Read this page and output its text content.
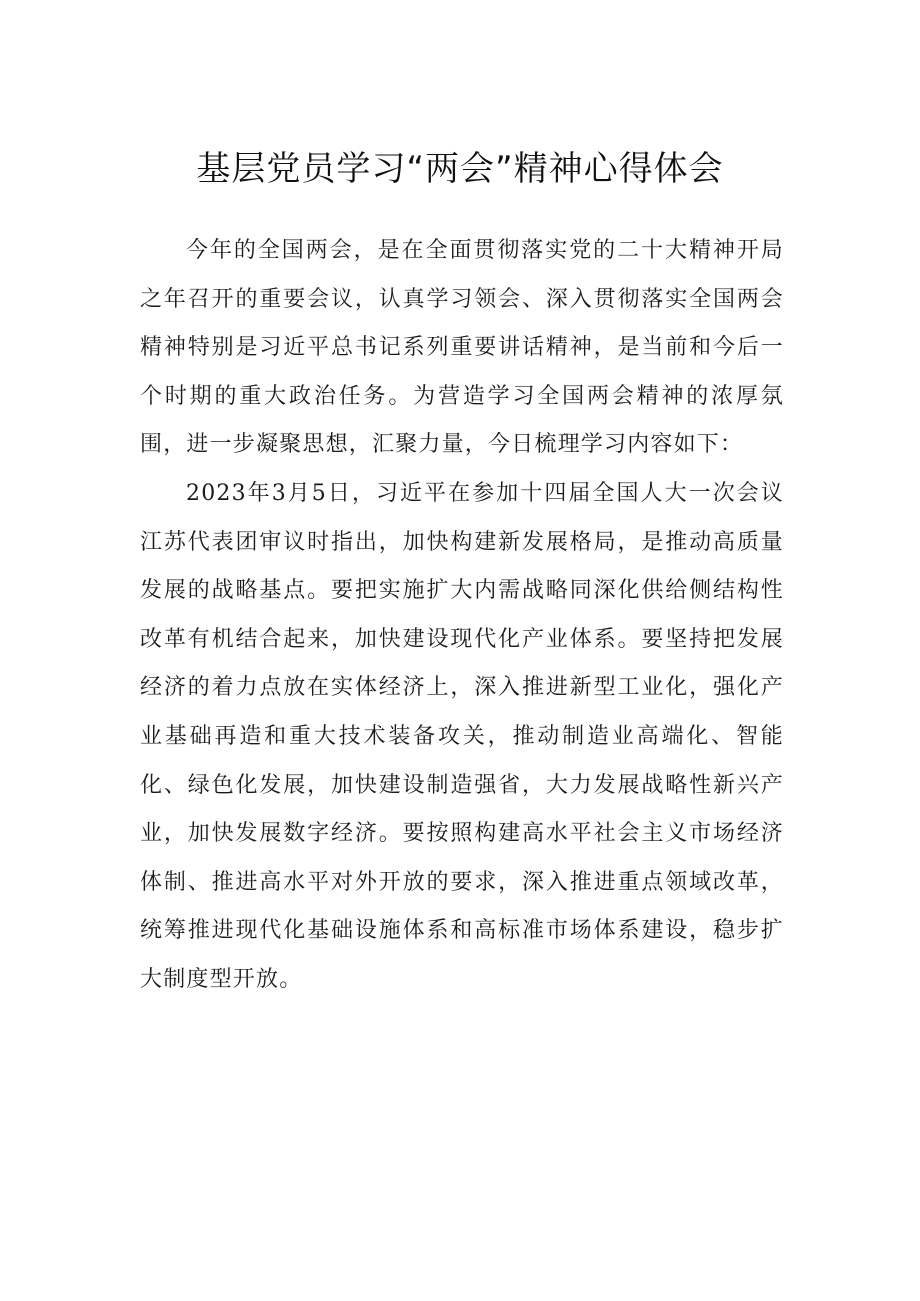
基层党员学习“两会”精神心得体会

今年的全国两会，是在全面贯彻落实党的二十大精神开局之年召开的重要会议，认真学习领会、深入贯彻落实全国两会精神特别是习近平总书记系列重要讲话精神，是当前和今后一个时期的重大政治任务。为营造学习全国两会精神的浓厚氛围，进一步凝聚思想，汇聚力量，今日梳理学习内容如下：

2023年3月5日，习近平在参加十四届全国人大一次会议江苏代表团审议时指出，加快构建新发展格局，是推动高质量发展的战略基点。要把实施扩大内需战略同深化供给侧结构性改革有机结合起来，加快建设现代化产业体系。要坚持把发展经济的着力点放在实体经济上，深入推进新型工业化，强化产业基础再造和重大技术装备攻关，推动制造业高端化、智能化、绿色化发展，加快建设制造强省，大力发展战略性新兴产业，加快发展数字经济。要按照构建高水平社会主义市场经济体制、推进高水平对外开放的要求，深入推进重点领域改革，统筹推进现代化基础设施体系和高标准市场体系建设，稳步扩大制度型开放。
